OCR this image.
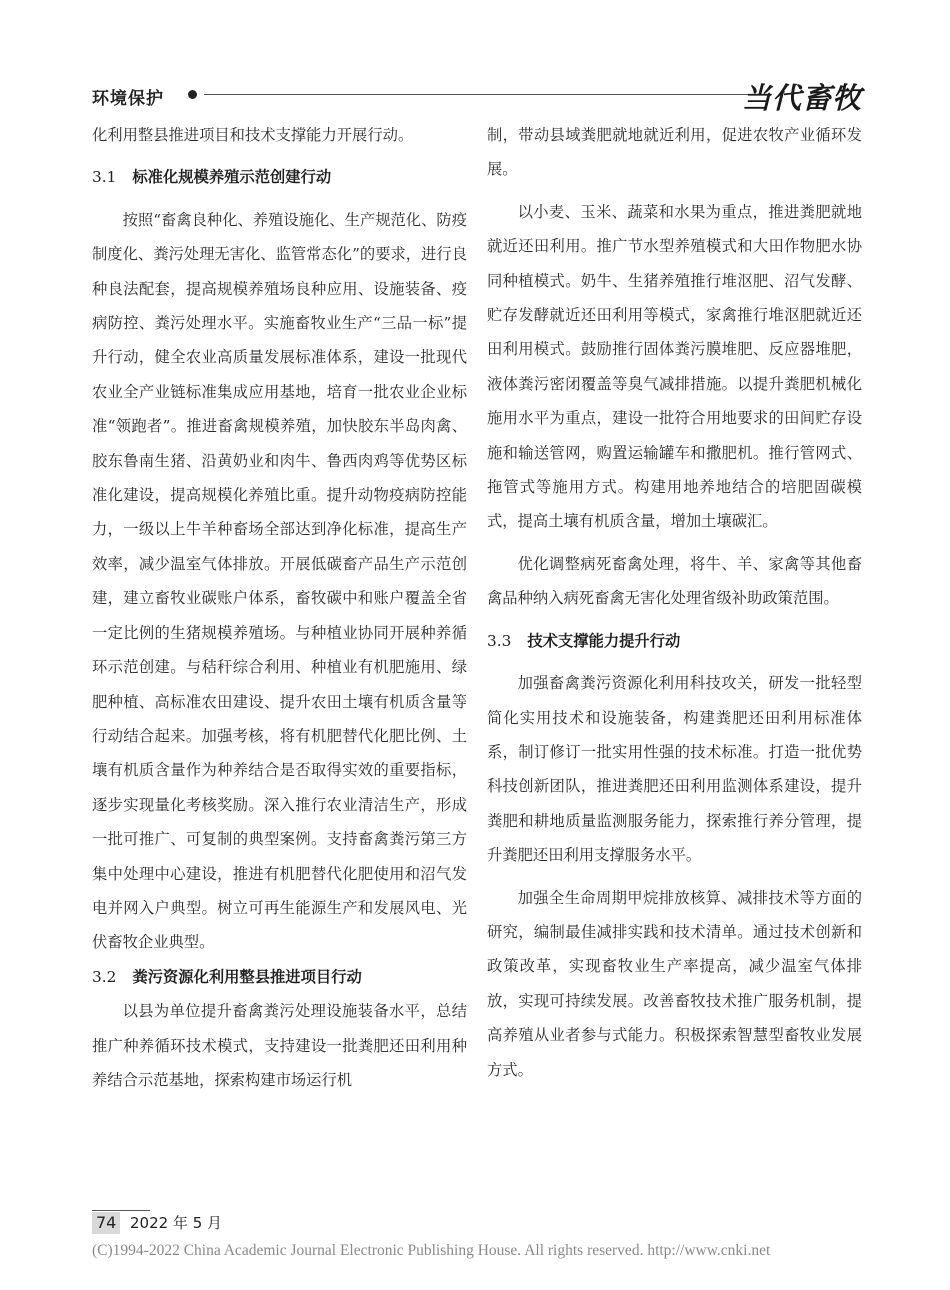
环境保护	当代畜牧

化利用整县推进项目和技术支撑能力开展行动。

3.1 标准化规模养殖示范创建行动

按照“畜禽良种化、养殖设施化、生产规范化、防疫制度化、粪污处理无害化、监管常态化”的要求，进行良种良法配套，提高规模养殖场良种应用、设施装备、疫病防控、粪污处理水平。实施畜牧业生产“三品一标”提升行动，健全农业高质量发展标准体系，建设一批现代农业全产业链标准集成应用基地，培育一批农业企业标准“领跑者”。推进畜禽规模养殖，加快胶东半岛肉禽、胶东鲁南生猪、沿黄奶业和肉牛、鲁西肉鸡等优势区标准化建设，提高规模化养殖比重。提升动物疫病防控能力，一级以上牛羊种畜场全部达到净化标准，提高生产效率，减少温室气体排放。开展低碳畜产品生产示范创建，建立畜牧业碳账户体系，畜牧碳中和账户覆盖全省一定比例的生猪规模养殖场。与种植业协同开展种养循环示范创建。与秸秆综合利用、种植业有机肥施用、绿肥种植、高标准农田建设、提升农田土壤有机质含量等行动结合起来。加强考核，将有机肥替代化肥比例、土壤有机质含量作为种养结合是否取得实效的重要指标，逐步实现量化考核奖励。深入推行农业清洁生产，形成一批可推广、可复制的典型案例。支持畜禽粪污第三方集中处理中心建设，推进有机肥替代化肥使用和沼气发电并网入户典型。树立可再生能源生产和发展风电、光伏畜牧企业典型。

3.2 粪污资源化利用整县推进项目行动

以县为单位提升畜禽粪污处理设施装备水平，总结推广种养循环技术模式，支持建设一批粪肥还田利用种养结合示范基地，探索构建市场运行机

制，带动县域粪肥就地就近利用，促进农牧产业循环发展。

以小麦、玉米、蔬菜和水果为重点，推进粪肥就地就近还田利用。推广节水型养殖模式和大田作物肥水协同种植模式。奶牛、生猪养殖推行堆沤肥、沼气发酵、贮存发酵就近还田利用等模式，家禽推行堆沤肥就近还田利用模式。鼓励推行固体粪污膜堆肥、反应器堆肥，液体粪污密闭覆盖等臭气减排措施。以提升粪肥机械化施用水平为重点，建设一批符合用地要求的田间贮存设施和输送管网，购置运输罐车和撒肥机。推行管网式、拖管式等施用方式。构建用地养地结合的培肥固碳模式，提高土壤有机质含量，增加土壤碳汇。

优化调整病死畜禽处理，将牛、羊、家禽等其他畜禽品种纳入病死畜禽无害化处理省级补助政策范围。

3.3 技术支撑能力提升行动

加强畜禽粪污资源化利用科技攻关，研发一批轻型简化实用技术和设施装备，构建粪肥还田利用标准体系，制订修订一批实用性强的技术标准。打造一批优势科技创新团队，推进粪肥还田利用监测体系建设，提升粪肥和耕地质量监测服务能力，探索推行养分管理，提升粪肥还田利用支撑服务水平。

加强全生命周期甲烷排放核算、减排技术等方面的研究，编制最佳减排实践和技术清单。通过技术创新和政策改革，实现畜牧业生产率提高，减少温室气体排放，实现可持续发展。改善畜牧技术推广服务机制，提高养殖从业者参与式能力。积极探索智慧型畜牧业发展方式。

74 2022 年 5 月
(C)1994-2022 China Academic Journal Electronic Publishing House. All rights reserved. http://www.cnki.net
